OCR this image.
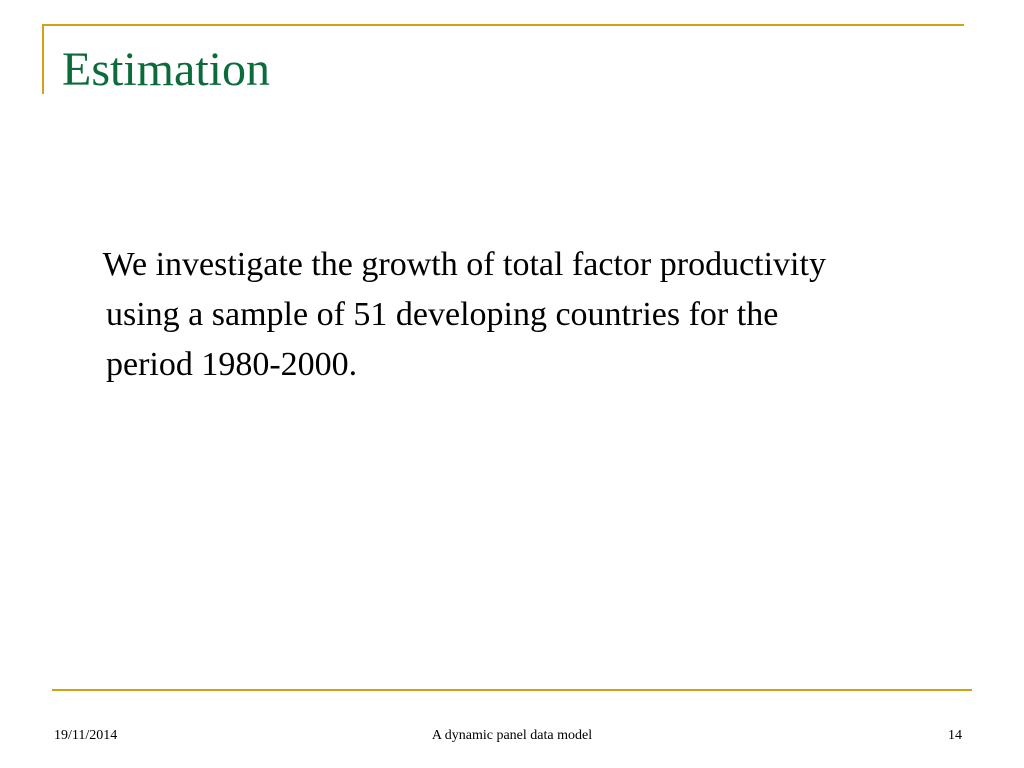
Estimation

We investigate the growth of total factor productivity using a sample of 51 developing countries for the period 1980-2000.

19/11/2014	A dynamic panel data model	14
